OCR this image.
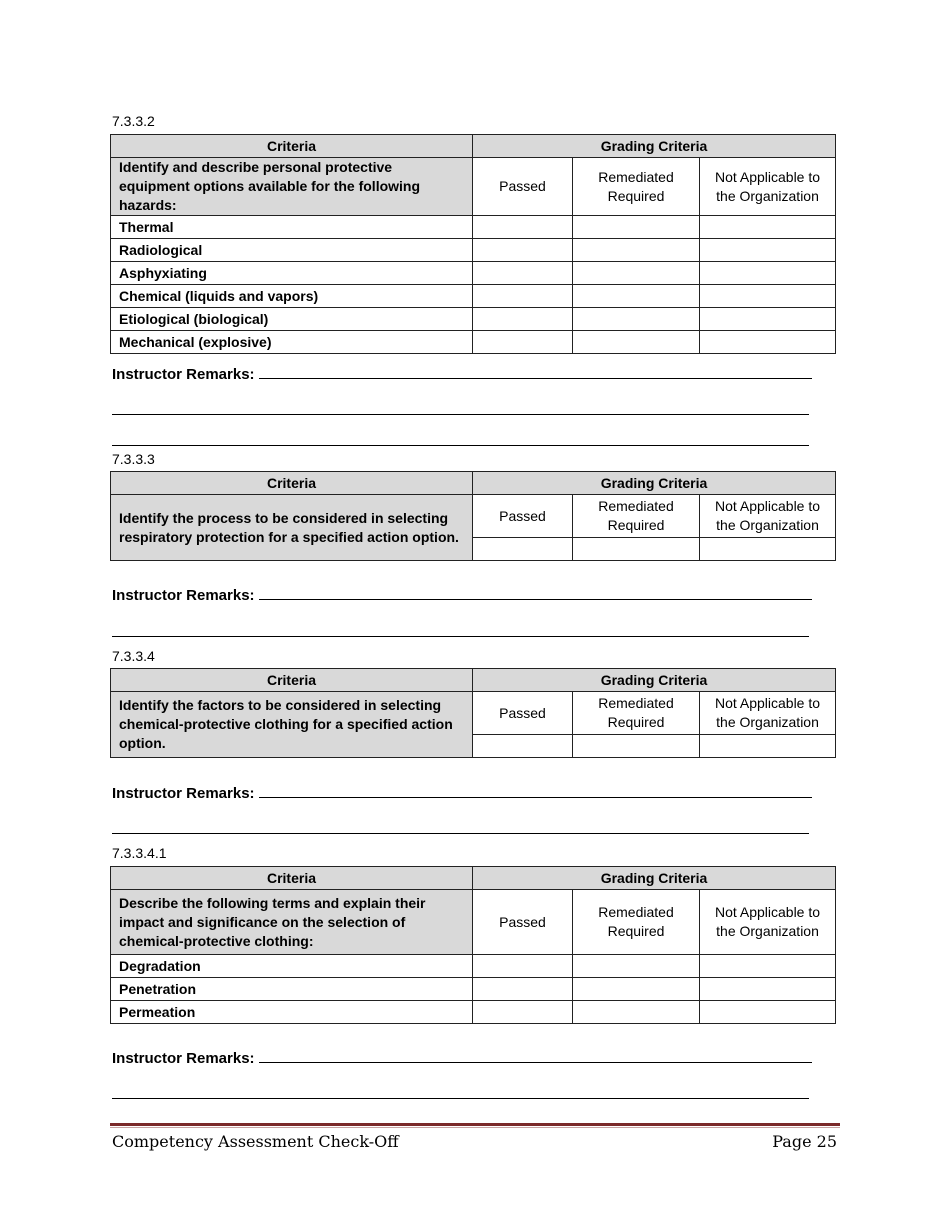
7.3.3.2
Criteria	Grading Criteria		
Identify and describe personal protective equipment options available for the following hazards:	Passed	Remediated Required	Not Applicable to the Organization
Thermal			
Radiological			
Asphyxiating			
Chemical (liquids and vapors)			
Etiological (biological)			
Mechanical (explosive)			
Instructor Remarks:
7.3.3.3
Criteria	Grading Criteria		
Identify the process to be considered in selecting respiratory protection for a specified action option.	Passed	Remediated Required	Not Applicable to the Organization

Instructor Remarks:
7.3.3.4
Criteria	Grading Criteria		
Identify the factors to be considered in selecting chemical-protective clothing for a specified action option.	Passed	Remediated Required	Not Applicable to the Organization

Instructor Remarks:
7.3.3.4.1
Criteria	Grading Criteria		
Describe the following terms and explain their impact and significance on the selection of chemical-protective clothing:	Passed	Remediated Required	Not Applicable to the Organization
Degradation			
Penetration			
Permeation			
Instructor Remarks:
Competency Assessment Check-Off	Page 25
